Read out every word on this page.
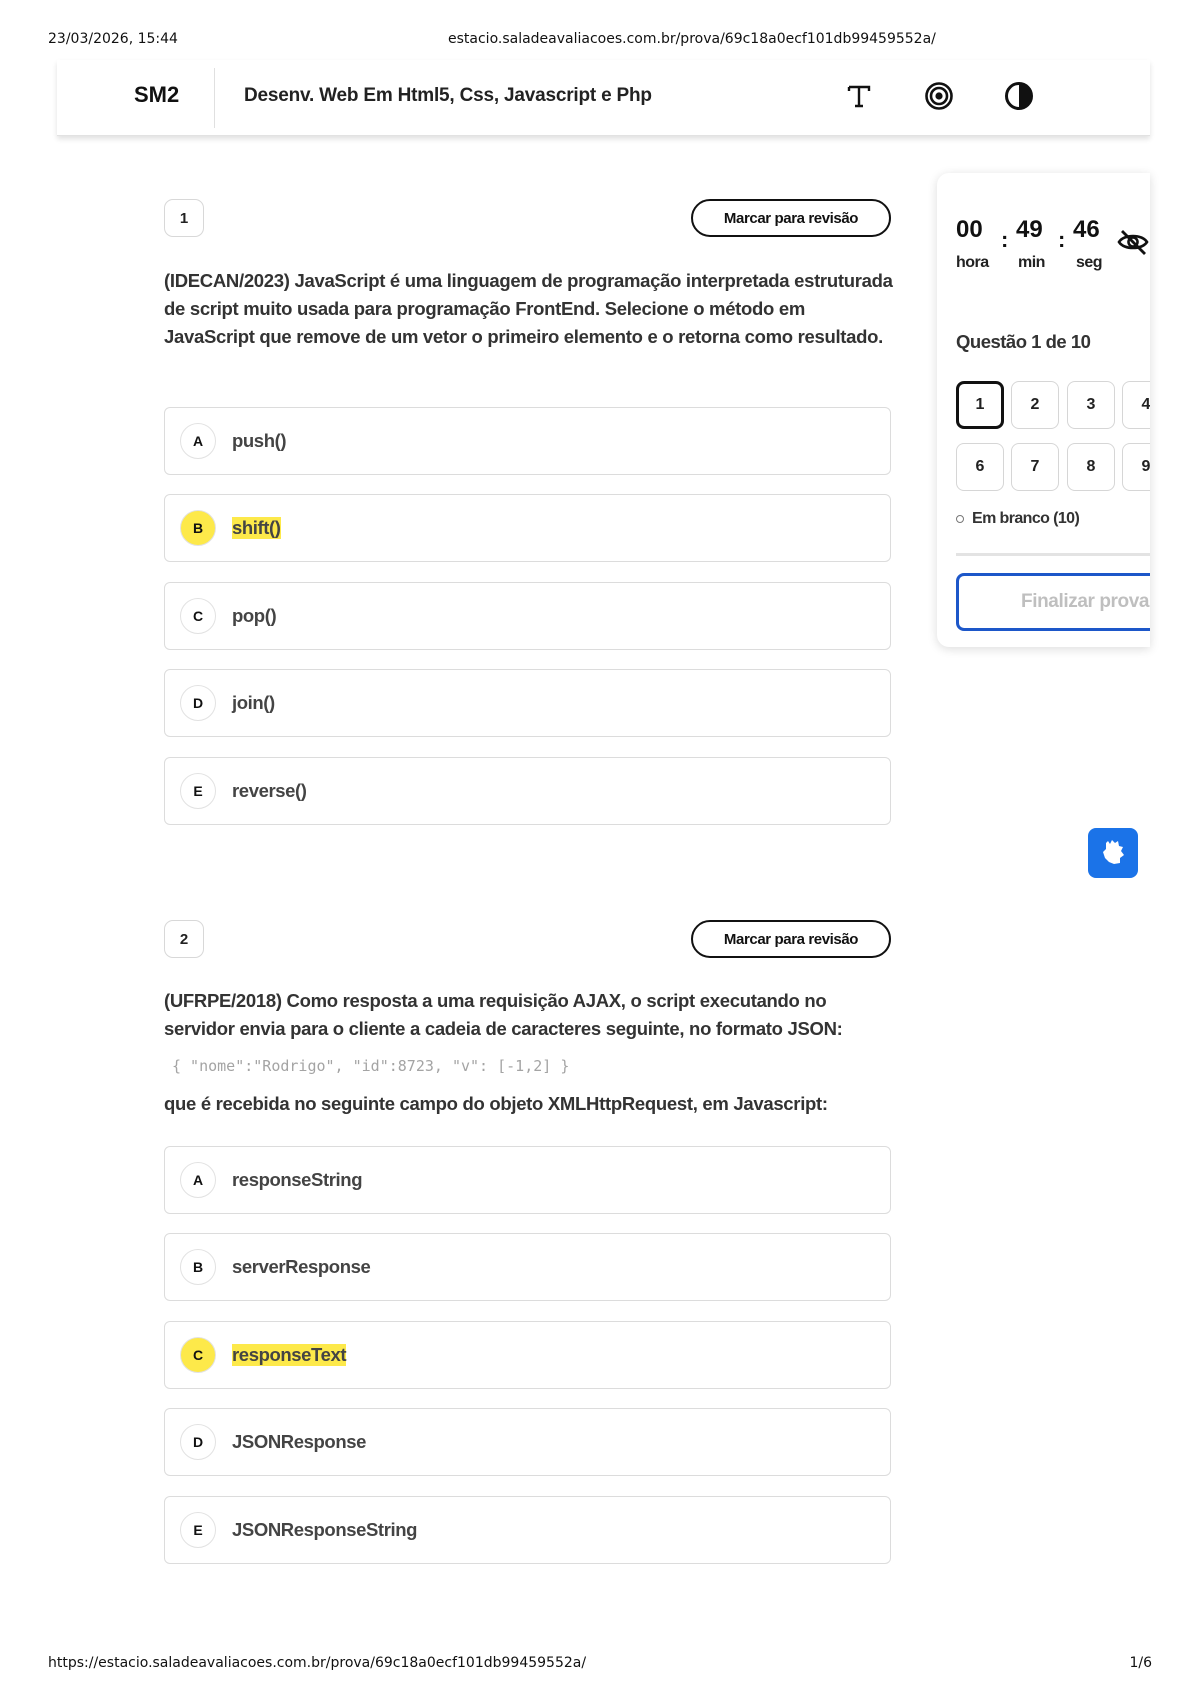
23/03/2026, 15:44	estacio.saladeavaliacoes.com.br/prova/69c18a0ecf101db99459552a/
https://estacio.saladeavaliacoes.com.br/prova/69c18a0ecf101db99459552a/	1/6
SM2	Desenv. Web Em Html5, Css, Javascript e Php
1	Marcar para revisão
(IDECAN/2023) JavaScript é uma linguagem de programação interpretada estruturada de script muito usada para programação FrontEnd. Selecione o método em JavaScript que remove de um vetor o primeiro elemento e o retorna como resultado.
A	push()
B	shift()
C	pop()
D	join()
E	reverse()
2	Marcar para revisão
(UFRPE/2018) Como resposta a uma requisição AJAX, o script executando no servidor envia para o cliente a cadeia de caracteres seguinte, no formato JSON:
{ "nome":"Rodrigo", "id":8723, "v": [-1,2] }
que é recebida no seguinte campo do objeto XMLHttpRequest, em Javascript:
A	responseString
B	serverResponse
C	responseText
D	JSONResponse
E	JSONResponseString
00 : 49 : 46
hora min seg
Questão 1 de 10
1	2	3	4
6	7	8	9
Em branco (10)
Finalizar prova
